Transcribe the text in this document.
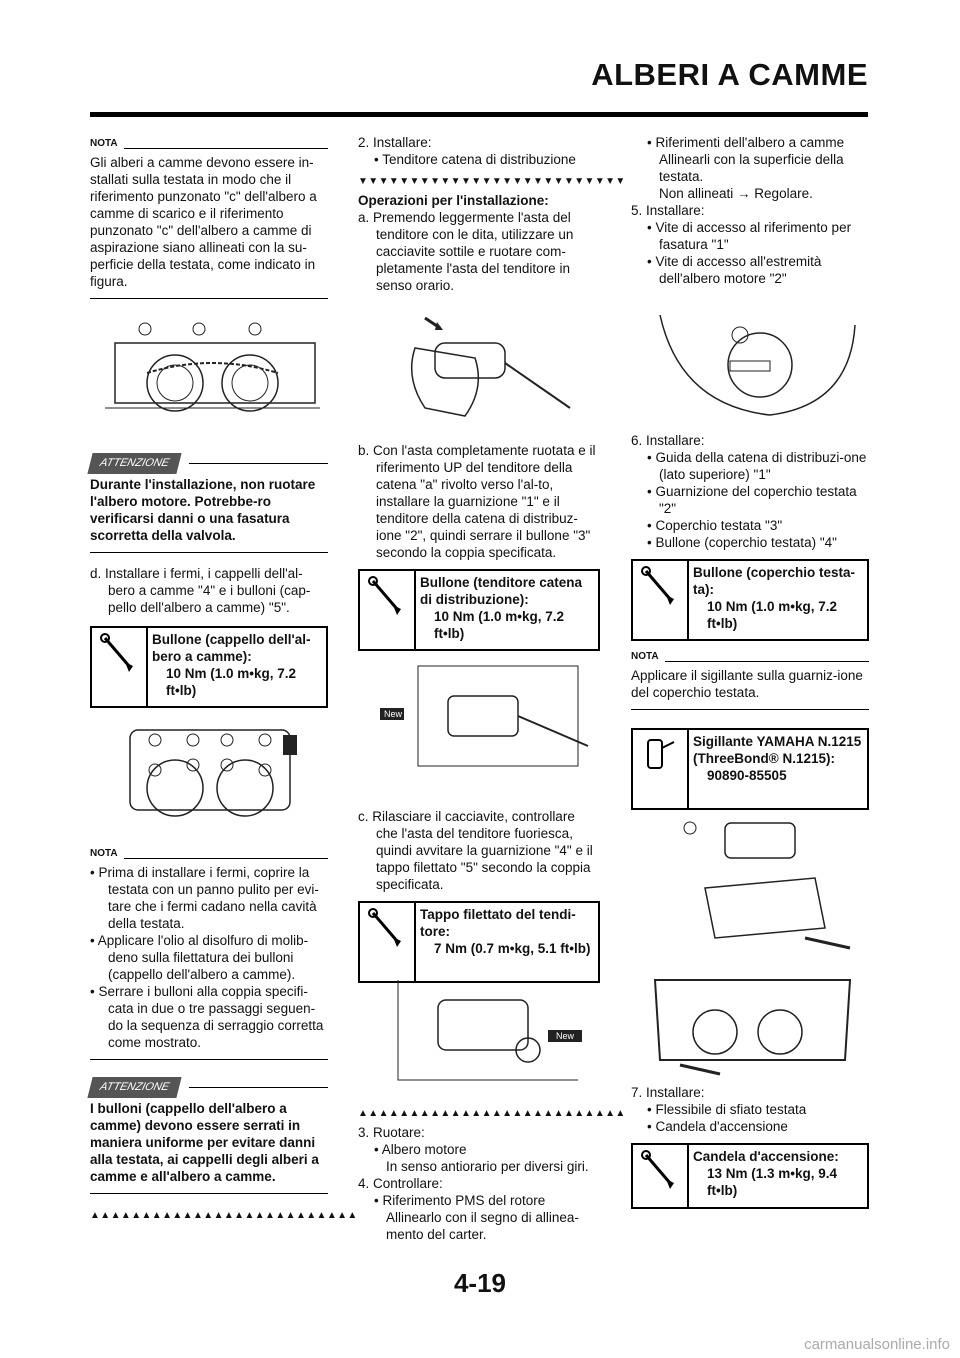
ALBERI A CAMME
NOTA
Gli alberi a camme devono essere in-stallati sulla testata in modo che il riferimento punzonato "c" dell'albero a camme di scarico e il riferimento punzonato "c" dell'albero a camme di aspirazione siano allineati con la su-perficie della testata, come indicato in figura.
ATTENZIONE
Durante l'installazione, non ruotare l'albero motore. Potrebbe-ro verificarsi danni o una fasatura scorretta della valvola.
d. Installare i fermi, i cappelli dell'al-bero a camme "4" e i bulloni (cap-pello dell'albero a camme) "5".
Bullone (cappello dell'al-bero a camme):
10 Nm (1.0 m•kg, 7.2 ft•lb)
NOTA
• Prima di installare i fermi, coprire la testata con un panno pulito per evi-tare che i fermi cadano nella cavità della testata.
• Applicare l'olio al disolfuro di molib-deno sulla filettatura dei bulloni (cappello dell'albero a camme).
• Serrare i bulloni alla coppia specifi-cata in due o tre passaggi seguen-do la sequenza di serraggio corretta come mostrato.
ATTENZIONE
I bulloni (cappello dell'albero a camme) devono essere serrati in maniera uniforme per evitare danni alla testata, ai cappelli degli alberi a camme e all'albero a camme.
▲▲▲▲▲▲▲▲▲▲▲▲▲▲▲▲▲▲▲▲▲▲▲▲▲▲
2. Installare:
• Tenditore catena di distribuzione
▼▼▼▼▼▼▼▼▼▼▼▼▼▼▼▼▼▼▼▼▼▼▼▼▼▼
Operazioni per l'installazione:
a. Premendo leggermente l'asta del tenditore con le dita, utilizzare un cacciavite sottile e ruotare com-pletamente l'asta del tenditore in senso orario.
b. Con l'asta completamente ruotata e il riferimento UP del tenditore della catena "a" rivolto verso l'al-to, installare la guarnizione "1" e il tenditore della catena di distribuz-ione "2", quindi serrare il bullone "3" secondo la coppia specificata.
Bullone (tenditore catena di distribuzione):
10 Nm (1.0 m•kg, 7.2 ft•lb)
New
c. Rilasciare il cacciavite, controllare che l'asta del tenditore fuoriesca, quindi avvitare la guarnizione "4" e il tappo filettato "5" secondo la coppia specificata.
Tappo filettato del tendi-tore:
7 Nm (0.7 m•kg, 5.1 ft•lb)
New
▲▲▲▲▲▲▲▲▲▲▲▲▲▲▲▲▲▲▲▲▲▲▲▲▲▲
3. Ruotare:
• Albero motore
In senso antiorario per diversi giri.
4. Controllare:
• Riferimento PMS del rotore
Allinearlo con il segno di allinea-mento del carter.
• Riferimenti dell'albero a camme
Allinearli con la superficie della testata.
Non allineati → Regolare.
5. Installare:
• Vite di accesso al riferimento per fasatura "1"
• Vite di accesso all'estremità dell'albero motore "2"
6. Installare:
• Guida della catena di distribuzi-one (lato superiore) "1"
• Guarnizione del coperchio testata "2"
• Coperchio testata "3"
• Bullone (coperchio testata) "4"
Bullone (coperchio testa-ta):
10 Nm (1.0 m•kg, 7.2 ft•lb)
NOTA
Applicare il sigillante sulla guarniz-ione del coperchio testata.
Sigillante YAMAHA N.1215 (ThreeBond® N.1215):
90890-85505
7. Installare:
• Flessibile di sfiato testata
• Candela d'accensione
Candela d'accensione:
13 Nm (1.3 m•kg, 9.4 ft•lb)
4-19
carmanualsonline.info
